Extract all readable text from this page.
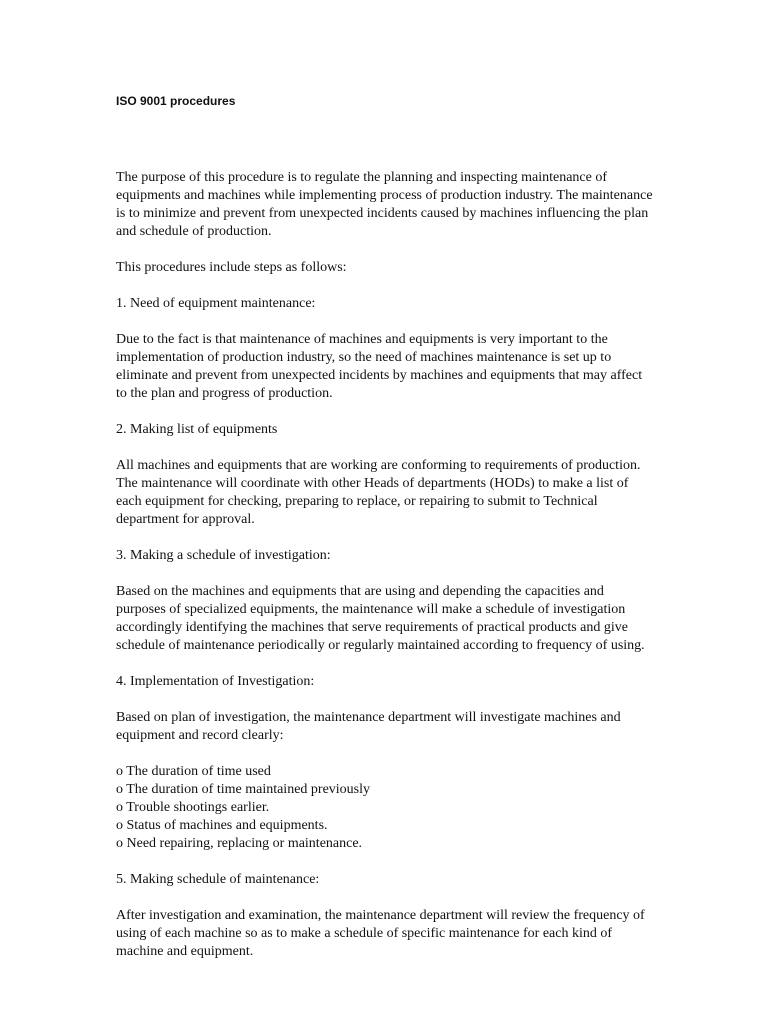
ISO 9001 procedures

The purpose of this procedure is to regulate the planning and inspecting maintenance of equipments and machines while implementing process of production industry. The maintenance is to minimize and prevent from unexpected incidents caused by machines influencing the plan and schedule of production.

This procedures include steps as follows:

1. Need of equipment maintenance:

Due to the fact is that maintenance of machines and equipments is very important to the implementation of production industry, so the need of machines maintenance is set up to eliminate and prevent from unexpected incidents by machines and equipments that may affect to the plan and progress of production.

2. Making list of equipments

All machines and equipments that are working are conforming to requirements of production. The maintenance will coordinate with other Heads of departments (HODs) to make a list of each equipment for checking, preparing to replace, or repairing to submit to Technical department for approval.

3. Making a schedule of investigation:

Based on the machines and equipments that are using and depending the capacities and purposes of specialized equipments, the maintenance will make a schedule of investigation accordingly identifying the machines that serve requirements of practical products and give schedule of maintenance periodically or regularly maintained according to frequency of using.

4. Implementation of Investigation:

Based on plan of investigation, the maintenance department will investigate machines and equipment and record clearly:

o The duration of time used
o The duration of time maintained previously
o Trouble shootings earlier.
o Status of machines and equipments.
o Need repairing, replacing or maintenance.

5. Making schedule of maintenance:

After investigation and examination, the maintenance department will review the frequency of using of each machine so as to make a schedule of specific maintenance for each kind of machine and equipment.
